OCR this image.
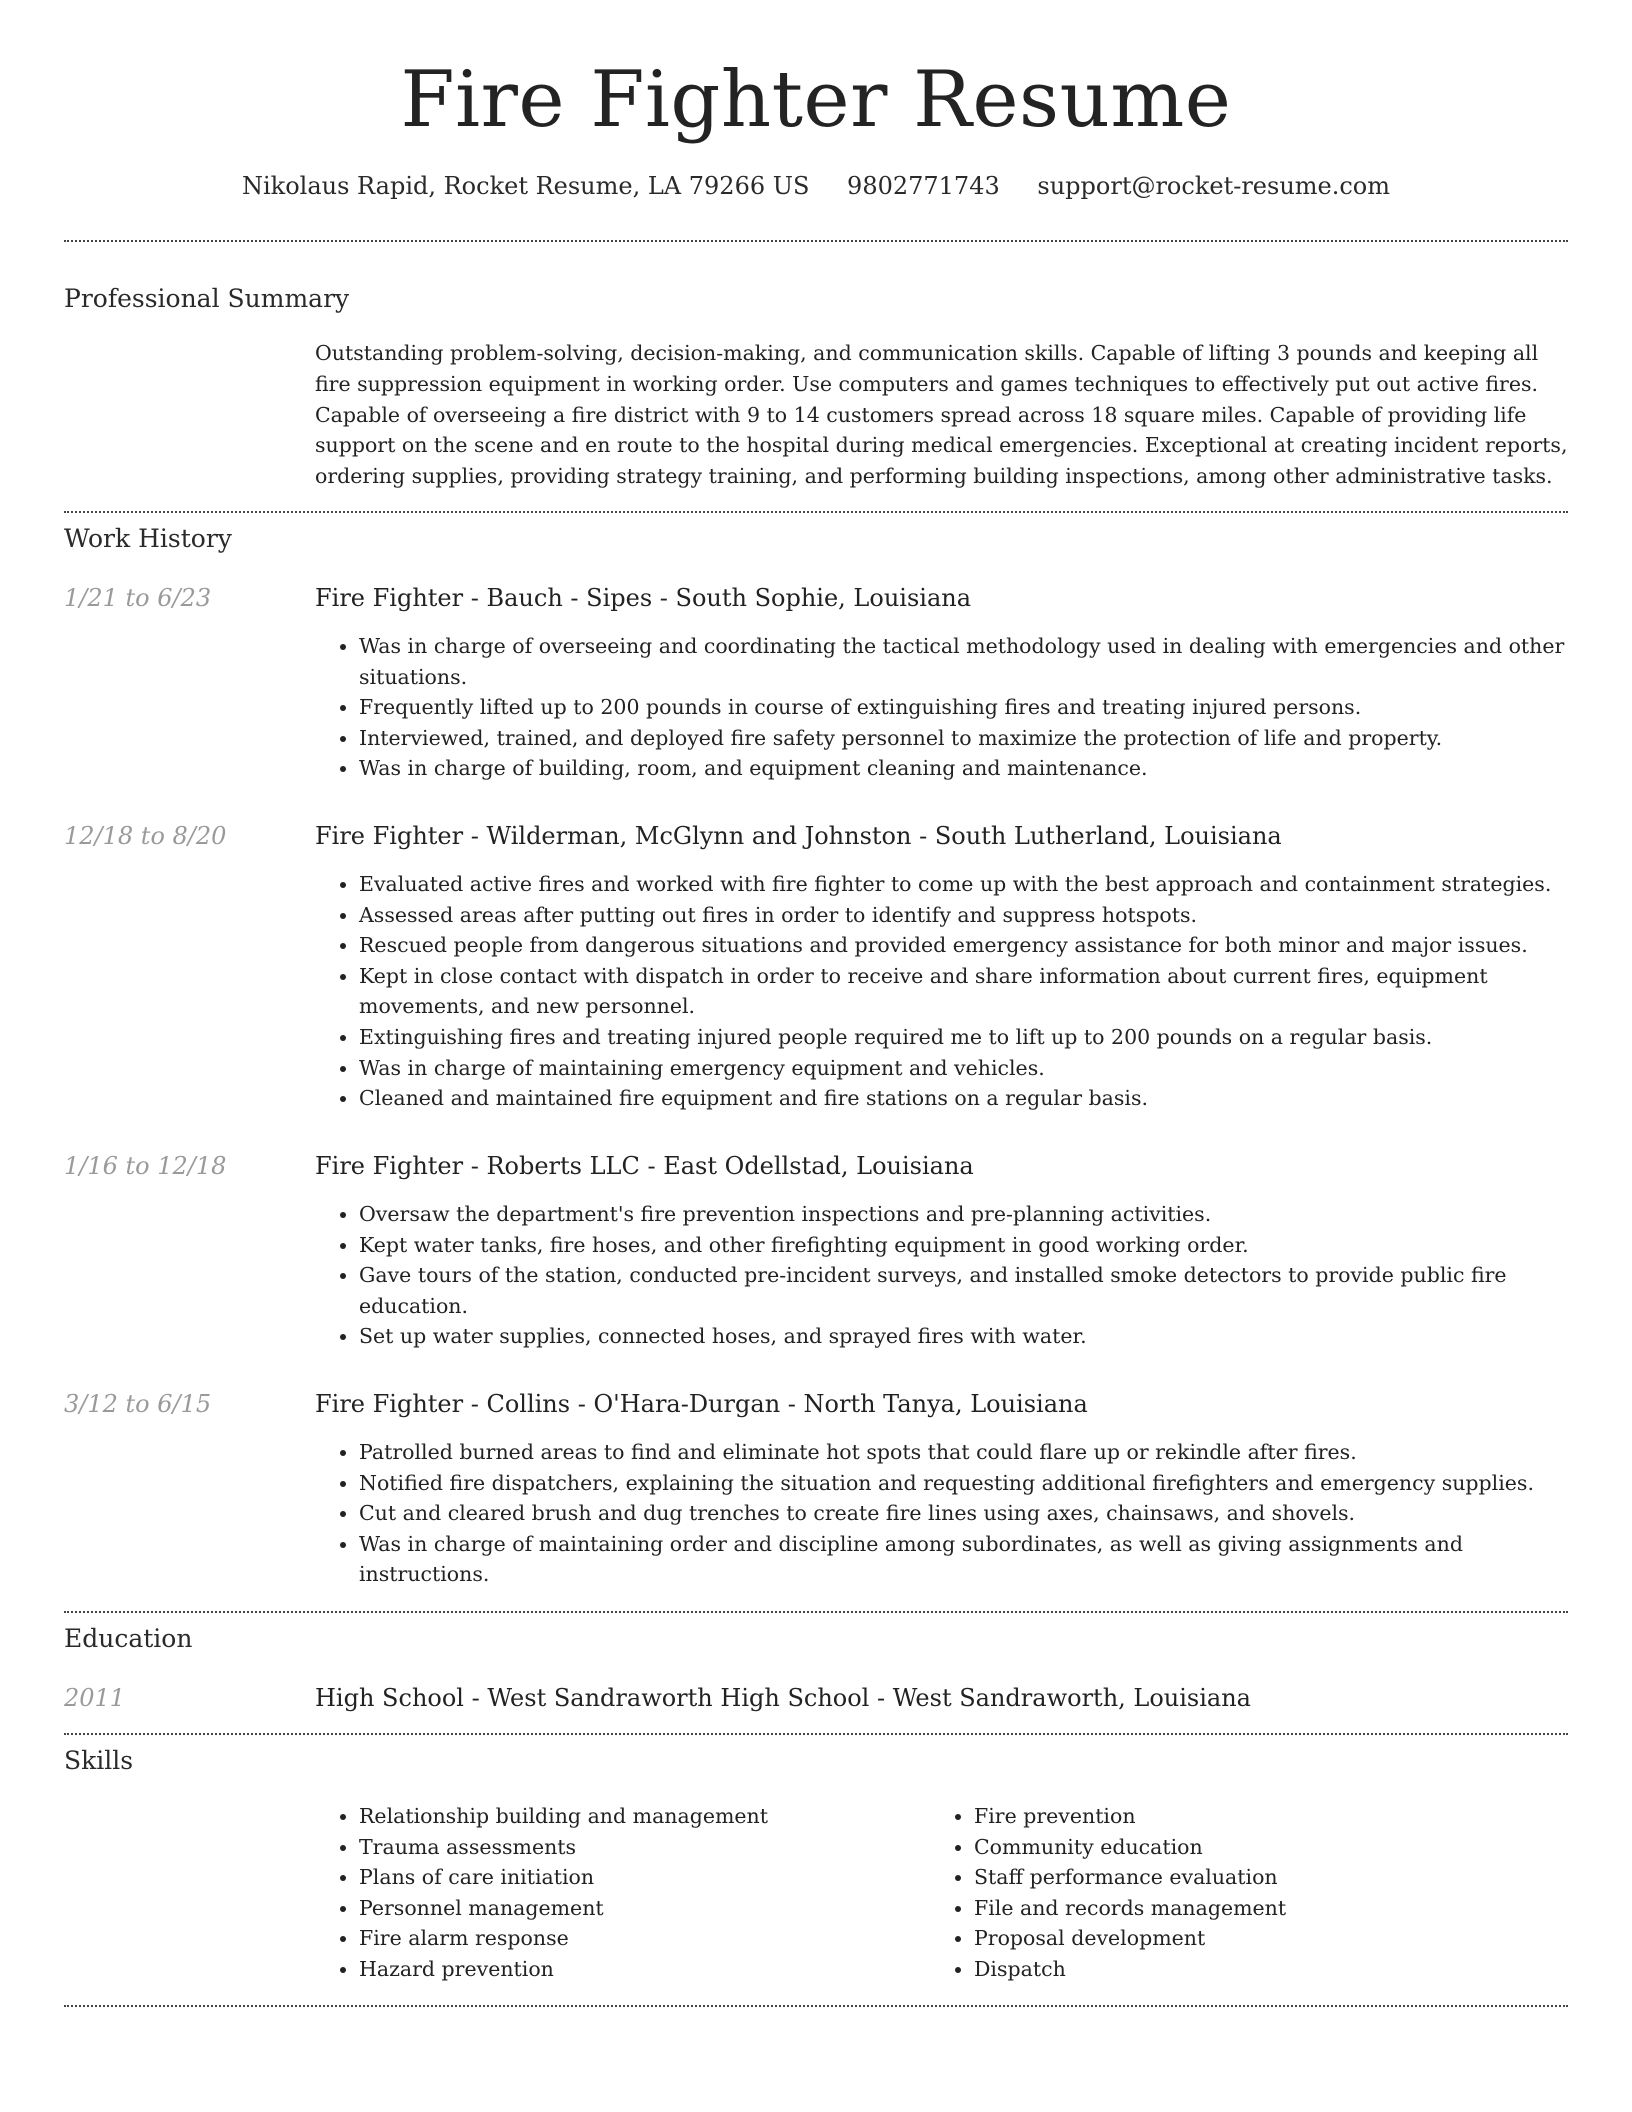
Fire Fighter Resume
Nikolaus Rapid, Rocket Resume, LA 79266 US 9802771743 support@rocket-resume.com
Professional Summary

Outstanding problem-solving, decision-making, and communication skills. Capable of lifting 3 pounds and keeping all fire suppression equipment in working order. Use computers and games techniques to effectively put out active fires. Capable of overseeing a fire district with 9 to 14 customers spread across 18 square miles. Capable of providing life support on the scene and en route to the hospital during medical emergencies. Exceptional at creating incident reports, ordering supplies, providing strategy training, and performing building inspections, among other administrative tasks.

Work History
1/21 to 6/23	Fire Fighter - Bauch - Sipes - South Sophie, Louisiana
• Was in charge of overseeing and coordinating the tactical methodology used in dealing with emergencies and other situations.
• Frequently lifted up to 200 pounds in course of extinguishing fires and treating injured persons.
• Interviewed, trained, and deployed fire safety personnel to maximize the protection of life and property.
• Was in charge of building, room, and equipment cleaning and maintenance.
12/18 to 8/20	Fire Fighter - Wilderman, McGlynn and Johnston - South Lutherland, Louisiana
• Evaluated active fires and worked with fire fighter to come up with the best approach and containment strategies.
• Assessed areas after putting out fires in order to identify and suppress hotspots.
• Rescued people from dangerous situations and provided emergency assistance for both minor and major issues.
• Kept in close contact with dispatch in order to receive and share information about current fires, equipment movements, and new personnel.
• Extinguishing fires and treating injured people required me to lift up to 200 pounds on a regular basis.
• Was in charge of maintaining emergency equipment and vehicles.
• Cleaned and maintained fire equipment and fire stations on a regular basis.
1/16 to 12/18	Fire Fighter - Roberts LLC - East Odellstad, Louisiana
• Oversaw the department's fire prevention inspections and pre-planning activities.
• Kept water tanks, fire hoses, and other firefighting equipment in good working order.
• Gave tours of the station, conducted pre-incident surveys, and installed smoke detectors to provide public fire education.
• Set up water supplies, connected hoses, and sprayed fires with water.
3/12 to 6/15	Fire Fighter - Collins - O'Hara-Durgan - North Tanya, Louisiana
• Patrolled burned areas to find and eliminate hot spots that could flare up or rekindle after fires.
• Notified fire dispatchers, explaining the situation and requesting additional firefighters and emergency supplies.
• Cut and cleared brush and dug trenches to create fire lines using axes, chainsaws, and shovels.
• Was in charge of maintaining order and discipline among subordinates, as well as giving assignments and instructions.
Education
2011	High School - West Sandraworth High School - West Sandraworth, Louisiana
Skills
• Relationship building and management
• Trauma assessments
• Plans of care initiation
• Personnel management
• Fire alarm response
• Hazard prevention
• Fire prevention
• Community education
• Staff performance evaluation
• File and records management
• Proposal development
• Dispatch
